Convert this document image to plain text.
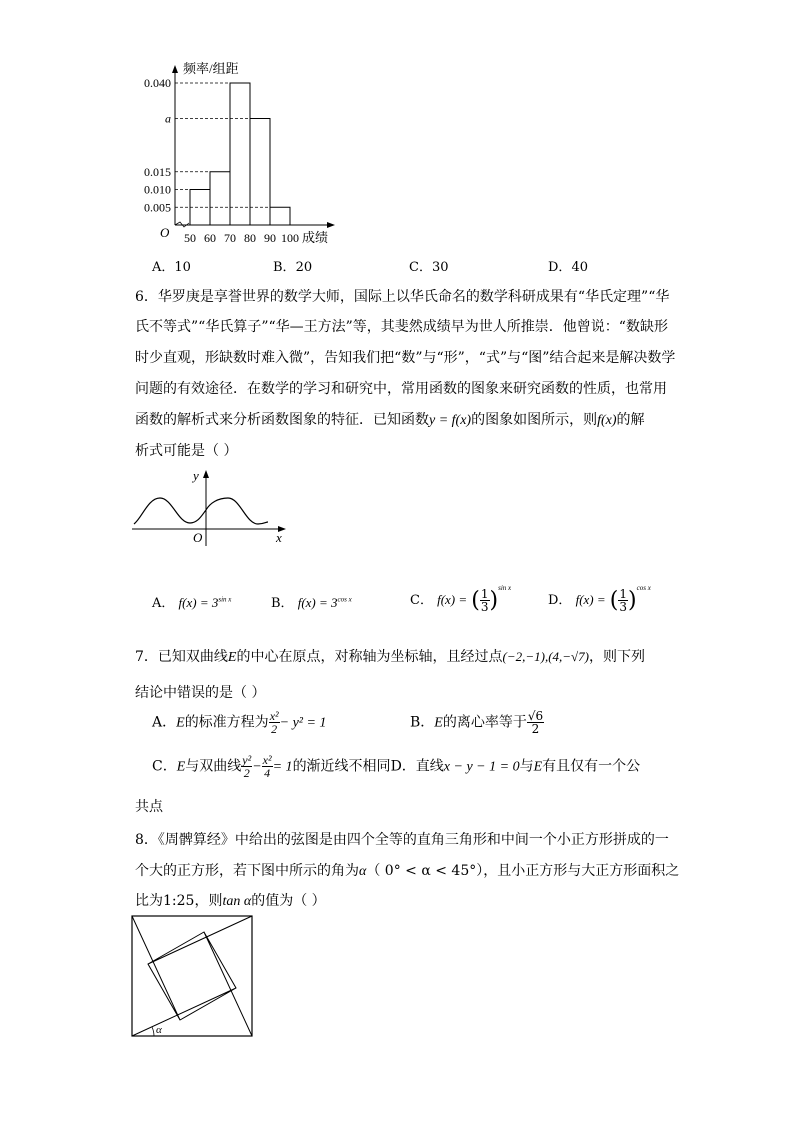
0.040
a
0.015
0.010
0.005
50 60 70 80 90 100
频率/组距
成绩
O
A．10	B．20	C．30	D．40
6．华罗庚是享誉世界的数学大师，国际上以华氏命名的数学科研成果有“华氏定理”“华
氏不等式”“华氏算子”“华—王方法”等，其斐然成绩早为世人所推崇．他曾说：“数缺形
时少直观，形缺数时难入微”，告知我们把“数”与“形”，“式”与“图”结合起来是解决数学
问题的有效途径．在数学的学习和研究中，常用函数的图象来研究函数的性质，也常用
函数的解析式来分析函数图象的特征．已知函数y = f(x)的图象如图所示，则f(x)的解
析式可能是（ ）
O
y
x
A． $f(x) = 3^{sin x}$	B． $f(x) = 3^{cos x}$	C． f(x) = ( $\frac{1}{3} )^{sin x}$
D． f(x) = ( $\frac{1}{3} )^{cos x}$
7．已知双曲线E的中心在原点，对称轴为坐标轴，且经过点(−2,−1),(4,−√7)，则下列
结论中错误的是（ ）
A．E的标准方程为 $\frac{\text{x²}}{2} - y^2 = 1$	B．E的离心率等于 $\frac{√6}{2}$
C．E与双曲线 $\frac{\text{y²}}{2} - \frac{\text{x²}}{4} = 1$的渐近线不相同D．直线x − y − 1 = 0与E有且仅有一个公
共点
8．《周髀算经》中给出的弦图是由四个全等的直角三角形和中间一个小正方形拼成的一
个大的正方形，若下图中所示的角为α（ 0° < α < 45°），且小正方形与大正方形面积之
比为1:25，则tan α的值为（ ）
α
